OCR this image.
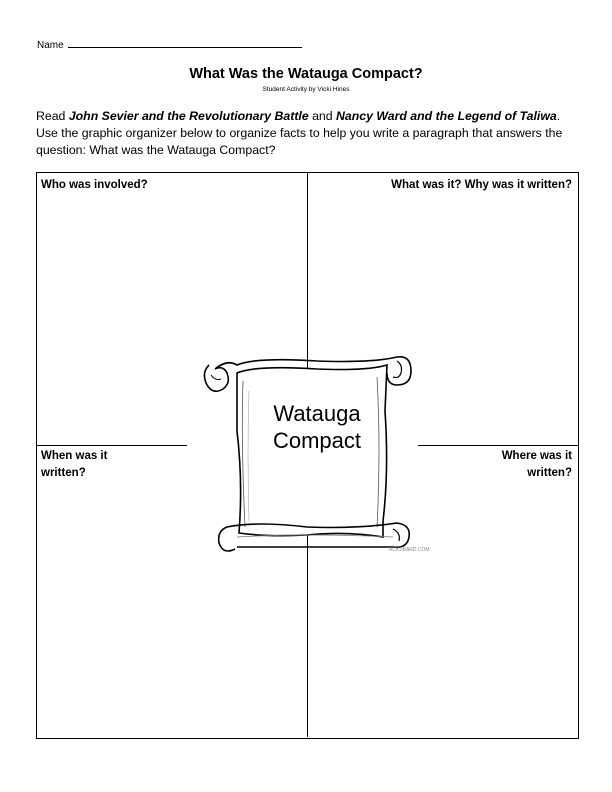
Name
What Was the Watauga Compact?
Student Activity by Vicki Hines
Read John Sevier and the Revolutionary Battle and Nancy Ward and the Legend of Taliwa. Use the graphic organizer below to organize facts to help you write a paragraph that answers the question: What was the Watauga Compact?
Who was involved?	What was it? Why was it written?
When was it written?
Where was it written?
Watauga Compact
ACKSBARD.COM
